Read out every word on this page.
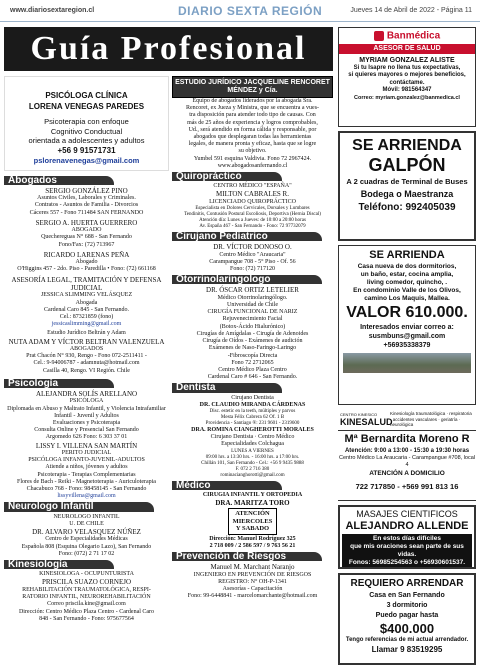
www.diariosextaregion.cl	DIARIO SEXTA REGIÓN	Jueves 14 de Abril de 2022 - Página 11
Guía Profesional
PSICÓLOGA CLÍNICA
LORENA VENEGAS PAREDES
Psicoterapia con enfoque
Cognitivo Conductual
orientada a adolescentes y adultos
+56 9 91571731
pslorenavenegas@gmail.com
Abogados
SERGIO GONZÁLEZ PINO
Asuntos Civiles, Laborales y Criminales.
Contratos - Asuntos de Familia - Divorcios
Cáceres 557 - Fono 711484 SAN FERNANDO
SERGIO A. HUERTA GUERRERO
ABOGADO
Quechereguas N° 688 - San Fernando
Fono/Fax: (72) 713967
RICARDO LARENAS PEÑA
Abogado
O'Higgins 457 - 2do. Piso - Paredilla • Fono: (72) 661168
ASESORÍA LEGAL, TRAMITACIÓN Y DEFENSA JUDICIAL
JESSICA SLIMMING VELÁSQUEZ
Abogada
Cardenal Caro 845 - San Fernando.
Cel.: 87321859 (fono)
jessicaslimming@gmail.com
Estudio Jurídico Beltrán y Adam
NUTA ADAM Y VÍCTOR BELTRAN VALENZUELA
ABOGADOS
Prat Chacón N° 930, Rengo - Fono 072-2511411 -
Cel.: 9-94006787 - adamnuta@hotmail.com
Casilla 40, Rengo. VI Región. Chile
Psicología
ALEJANDRA SOLÍS ARELLANO
PSICÓLOGA
Diplomada en Abuso y Maltrato Infantil, y Violencia Intrafamiliar
Infantil - Juvenil y Adultos
Evaluaciones y Psicoterapia
Consulta Online y Presencial San Fernando
Argomedo 626 Fono: 6 303 37 01
LISSY I. VILLENA SAN MARTÍN
PERITO JUDICIAL
PSICÓLOGA INFANTO-JUVENIL-ADULTOS
Atiende a niños, jóvenes y adultos
Psicoterapia - Terapias Complementarias
Flores de Bach - Reiki - Magnetoterapia - Auriculoterapia
Chacabuco 768 - Fono: 98458145 - San Fernando
lissyvillena@gmail.com
Neurologo Infantil
NEUROLOGO INFANTIL
U. DE CHILE
DR. ALVARO VELASQUEZ NÚÑEZ
Centro de Especialidades Médicas
Española 808 (Esquina Olegario Lazo), San Fernando
Fono: (072) 2 71 17 02
Kinesiología
KINESIOLOGA - OCUPUNTURISTA
PRISCILA SUAZO CORNEJO
REHABILITACIÓN TRAUMATOLÓGICA, RESPI-
RATORIO INFANTIL, NEUROREHABILITACIÓN
Correo priscila.kine@gmail.com
Dirección: Centro Médico Plaza Centro - Cardenal Caro
848 - San Fernando - Fono: 975677564
ESTUDIO JURÍDICO JACQUELINE RENCORET MÉNDEZ y Cía.
Equipo de abogados liderados por la abogada Sra.
Rencoret, ex Jueza y Ministra, que se encuentra a vues-
tra disposición para atender todo tipo de causas. Con
más de 25 años de experiencia y logros comprobables,
Ud., será atendido en forma cálida y responsable, por
abogados que desplegaran todas las herramientas
legales, de manera pronta y eficaz, hasta que se logre
su objetivo.
Yumbel 591 esquina Valdivia. Fono 72 2967424.
www.abogadosanfernando.cl
Quiropráctico
CENTRO MÉDICO "ESPAÑA"
MILTON CABRALES R.
LICENCIADO QUIROPRÁCTICO
Especialista en Dolores Cervicales, Dorsales y Lumbares
Tendinitis, Contusión Postural Escoliosis, Deportiva (Hernia Discal)
Atención día: Lunes a Jueves: de 10:00 a 20:00 horas
Av. España 467 - San Fernando - Fono: 72 97732079
Cirujano Pediatrico
DR. VÍCTOR DONOSO O.
Centro Médico "Araucaria"
Carampangue 708 - 5° Piso - Of. 56
Fono: (72) 717120
Otorrinolaringologo
DR. ÓSCAR ORTIZ LETELIER
Médico Otorrinolaringólogo.
Universidad de Chile
CIRUGÍA FUNCIONAL DE NARIZ
Rejuvenecimiento Facial
(Botox-Ácido Hialurónico)
Cirugías de Amígdalas - Cirugía de Adenoides
Cirugía de Oídos - Exámenes de audición
Exámenes de Naso-Faringo-Laringo
-Fibroscopía Directa
Fono 72 2712065
Centro Médico Plaza Centro
Cardenal Caro # 646 - San Fernando.
Dentista
Cirujano Dentista
DR. CLAUDIO MIRANDA CÁRDENAS
Disc. estetic en la teeth, múltiples y parvos
Mesta Félix Cabrera 62 Of. 1 B
Providencia - Santiago ®: 231 9601 - 2319600
DRA. ROMINA CIANGHEROTTI MORALES
Cirujano Dentista · Centro Médico
Especialidades Colchagua
LUNES A VIERNES
09:00 hrs. a 13:30 hrs. - 16:00 hrs. a 17:00 hrs.
Chillán 101, San Fernando - Cel.: +56 9 9435 9888
F. 072 2 716 380
rominacianghorotti@gmail.com
Médico
CIRUGIA INFANTIL Y ORTOPEDIA
DRA. MARITZA TORO
ATENCIÓN
MIERCOLES
Y SABADO
Dirección: Manuel Rodríguez 325
2 718 009 / 2 586 597 / 9 763 56 21
Prevención de Riesgos
Manuel M. Marchant Naranjo
INGENIERO EN PREVENCIÓN DE RIESGOS
REGISTRO: N° OH-P-1341
Asesorías - Capacitación
Fono: 99-6448841 - marcelomarchante@hotmail.com
Banmédica
ASESOR DE SALUD
MYRIAM GONZALEZ ALISTE
Si tu Isapre no llena tus expectativas,
si quieres mayores o mejores beneficios,
contáctame.
Móvil: 981564347
Correo: myriam.gonzalez@banmedica.cl
SE ARRIENDA
GALPÓN
A 2 cuadras de Terminal de Buses
Bodega o Maestranza
Teléfono: 992405039
SE ARRIENDA
Casa nueva de dos dormitorios,
un baño, estar, cocina amplia,
living comedor, quincho, .
En condominio Valle de los Olivos,
camino Los Maquis, Mallea.
VALOR 610.000.
Interesados enviar correo a:
susmbuns@gmail.com
+56935338379
CENTRO KINESICO
KINESALUD
Kinesiología traumatológica · respiratoria · accidentes vasculares · geriatría · neurológica
Mª Bernardita Moreno R
Atención: 9:00 a 13:00 - 15:30 a 19:30 horas
Centro Médico La Araucaria - Carampangue #708, local 4
ATENCIÓN A DOMICILIO
722 717850 - +569 991 813 16
MASAJES CIENTIFICOS
ALEJANDRO ALLENDE
En estos días difíciles
que mis oraciones sean parte de sus vidas.
Fonos: 56985254563 o +56930601537.
REQUIERO ARRENDAR
Casa en San Fernando
3 dormitorio
Puedo pagar hasta
$400.000
Tengo referencias de mi actual arrendador.
Llamar 9 83519295
